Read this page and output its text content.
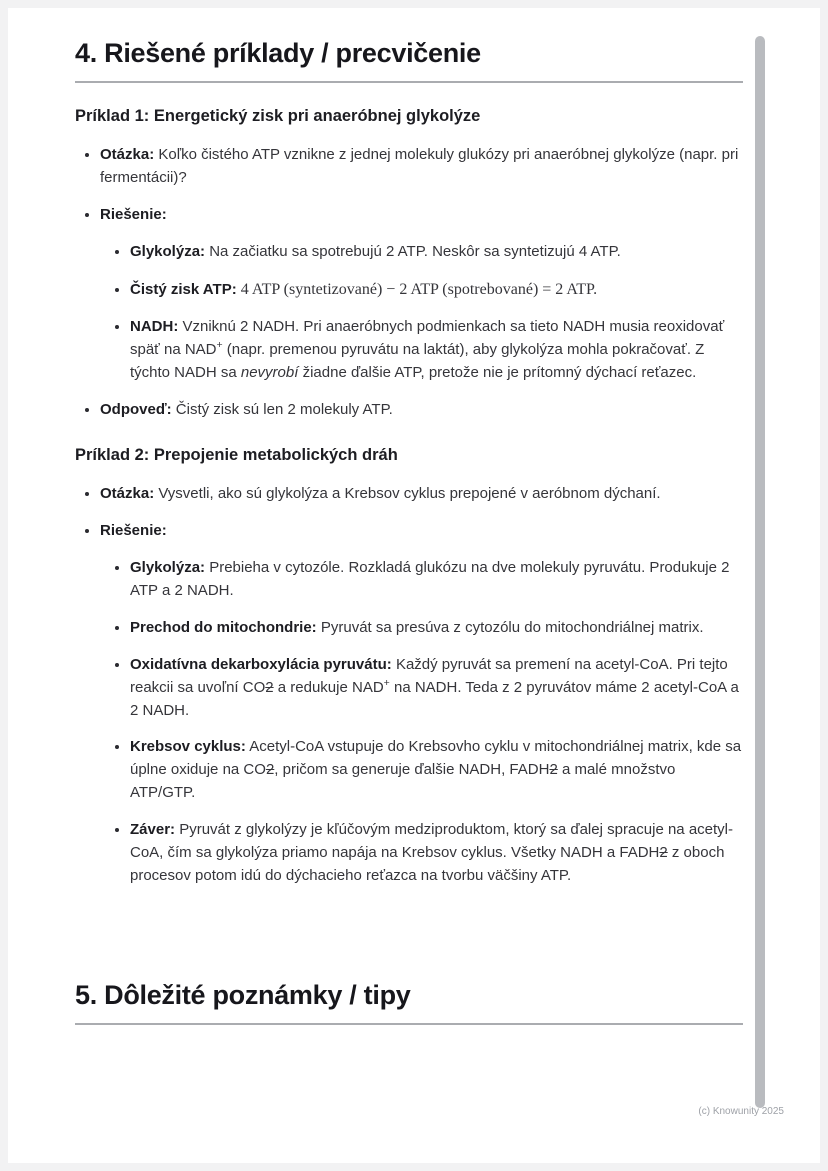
4. Riešené príklady / precvičenie
Príklad 1: Energetický zisk pri anaeróbnej glykolýze
• Otázka: Koľko čistého ATP vznikne z jednej molekuly glukózy pri anaeróbnej glykolýze (napr. pri fermentácii)?
• Riešenie:
• Glykolýza: Na začiatku sa spotrebujú 2 ATP. Neskôr sa syntetizujú 4 ATP.
• Čistý zisk ATP: 4 ATP (syntetizované) − 2 ATP (spotrebované) = 2 ATP.
• NADH: Vzniknú 2 NADH. Pri anaeróbnych podmienkach sa tieto NADH musia reoxidovať späť na NAD+ (napr. premenou pyruvátu na laktát), aby glykolýza mohla pokračovať. Z týchto NADH sa nevyrobí žiadne ďalšie ATP, pretože nie je prítomný dýchací reťazec.
• Odpoveď: Čistý zisk sú len 2 molekuly ATP.
Príklad 2: Prepojenie metabolických dráh
• Otázka: Vysvetli, ako sú glykolýza a Krebsov cyklus prepojené v aeróbnom dýchaní.
• Riešenie:
• Glykolýza: Prebieha v cytozóle. Rozkladá glukózu na dve molekuly pyruvátu. Produkuje 2 ATP a 2 NADH.
• Prechod do mitochondrie: Pyruvát sa presúva z cytozólu do mitochondriálnej matrix.
• Oxidatívna dekarboxylácia pyruvátu: Každý pyruvát sa premení na acetyl-CoA. Pri tejto reakcii sa uvoľní CO2 a redukuje NAD+ na NADH. Teda z 2 pyruvátov máme 2 acetyl-CoA a 2 NADH.
• Krebsov cyklus: Acetyl-CoA vstupuje do Krebsovho cyklu v mitochondriálnej matrix, kde sa úplne oxiduje na CO2, pričom sa generuje ďalšie NADH, FADH2 a malé množstvo ATP/GTP.
• Záver: Pyruvát z glykolýzy je kľúčovým medziproduktom, ktorý sa ďalej spracuje na acetyl-CoA, čím sa glykolýza priamo napája na Krebsov cyklus. Všetky NADH a FADH2 z oboch procesov potom idú do dýchacieho reťazca na tvorbu väčšiny ATP.
5. Dôležité poznámky / tipy
(c) Knowunity 2025
